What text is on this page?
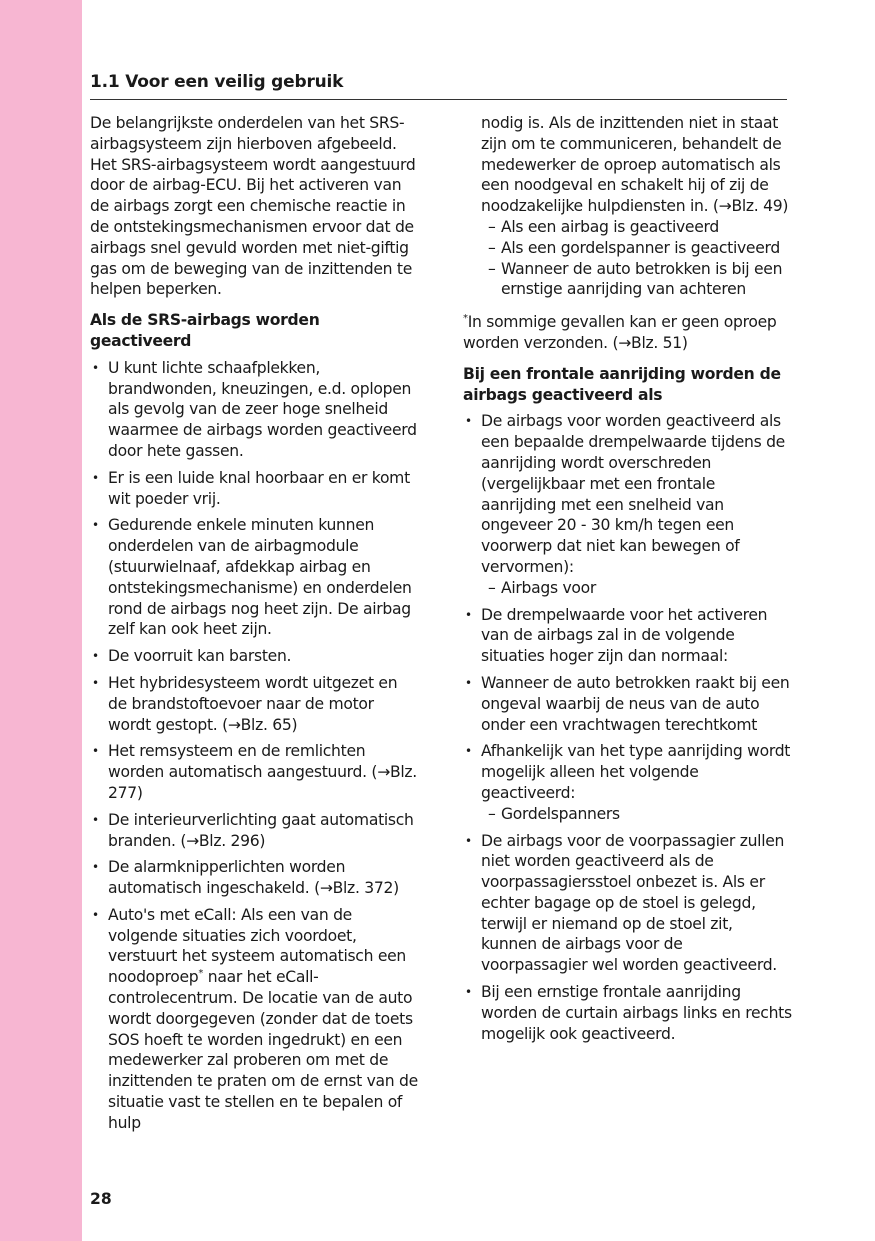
1.1 Voor een veilig gebruik

De belangrijkste onderdelen van het SRS-airbagsysteem zijn hierboven afgebeeld. Het SRS-airbagsysteem wordt aangestuurd door de airbag-ECU. Bij het activeren van de airbags zorgt een chemische reactie in de ontstekingsmechanismen ervoor dat de airbags snel gevuld worden met niet-giftig gas om de beweging van de inzittenden te helpen beperken.

Als de SRS-airbags worden geactiveerd

• U kunt lichte schaafplekken, brandwonden, kneuzingen, e.d. oplopen als gevolg van de zeer hoge snelheid waarmee de airbags worden geactiveerd door hete gassen.
• Er is een luide knal hoorbaar en er komt wit poeder vrij.
• Gedurende enkele minuten kunnen onderdelen van de airbagmodule (stuurwielnaaf, afdekkap airbag en ontstekingsmechanisme) en onderdelen rond de airbags nog heet zijn. De airbag zelf kan ook heet zijn.
• De voorruit kan barsten.
• Het hybridesysteem wordt uitgezet en de brandstoftoevoer naar de motor wordt gestopt. (→Blz. 65)
• Het remsysteem en de remlichten worden automatisch aangestuurd. (→Blz. 277)
• De interieurverlichting gaat automatisch branden. (→Blz. 296)
• De alarmknipperlichten worden automatisch ingeschakeld. (→Blz. 372)
• Auto's met eCall: Als een van de volgende situaties zich voordoet, verstuurt het systeem automatisch een noodoproep* naar het eCall-controlecentrum. De locatie van de auto wordt doorgegeven (zonder dat de toets SOS hoeft te worden ingedrukt) en een medewerker zal proberen om met de inzittenden te praten om de ernst van de situatie vast te stellen en te bepalen of hulp

nodig is. Als de inzittenden niet in staat zijn om te communiceren, behandelt de medewerker de oproep automatisch als een noodgeval en schakelt hij of zij de noodzakelijke hulpdiensten in. (→Blz. 49)

– Als een airbag is geactiveerd
– Als een gordelspanner is geactiveerd
– Wanneer de auto betrokken is bij een ernstige aanrijding van achteren

*In sommige gevallen kan er geen oproep worden verzonden. (→Blz. 51)

Bij een frontale aanrijding worden de airbags geactiveerd als

• De airbags voor worden geactiveerd als een bepaalde drempelwaarde tijdens de aanrijding wordt overschreden (vergelijkbaar met een frontale aanrijding met een snelheid van ongeveer 20 - 30 km/h tegen een voorwerp dat niet kan bewegen of vervormen):
– Airbags voor
• De drempelwaarde voor het activeren van de airbags zal in de volgende situaties hoger zijn dan normaal:
• Wanneer de auto betrokken raakt bij een ongeval waarbij de neus van de auto onder een vrachtwagen terechtkomt
• Afhankelijk van het type aanrijding wordt mogelijk alleen het volgende geactiveerd:
– Gordelspanners
• De airbags voor de voorpassagier zullen niet worden geactiveerd als de voorpassagiersstoel onbezet is. Als er echter bagage op de stoel is gelegd, terwijl er niemand op de stoel zit, kunnen de airbags voor de voorpassagier wel worden geactiveerd.
• Bij een ernstige frontale aanrijding worden de curtain airbags links en rechts mogelijk ook geactiveerd.
28
